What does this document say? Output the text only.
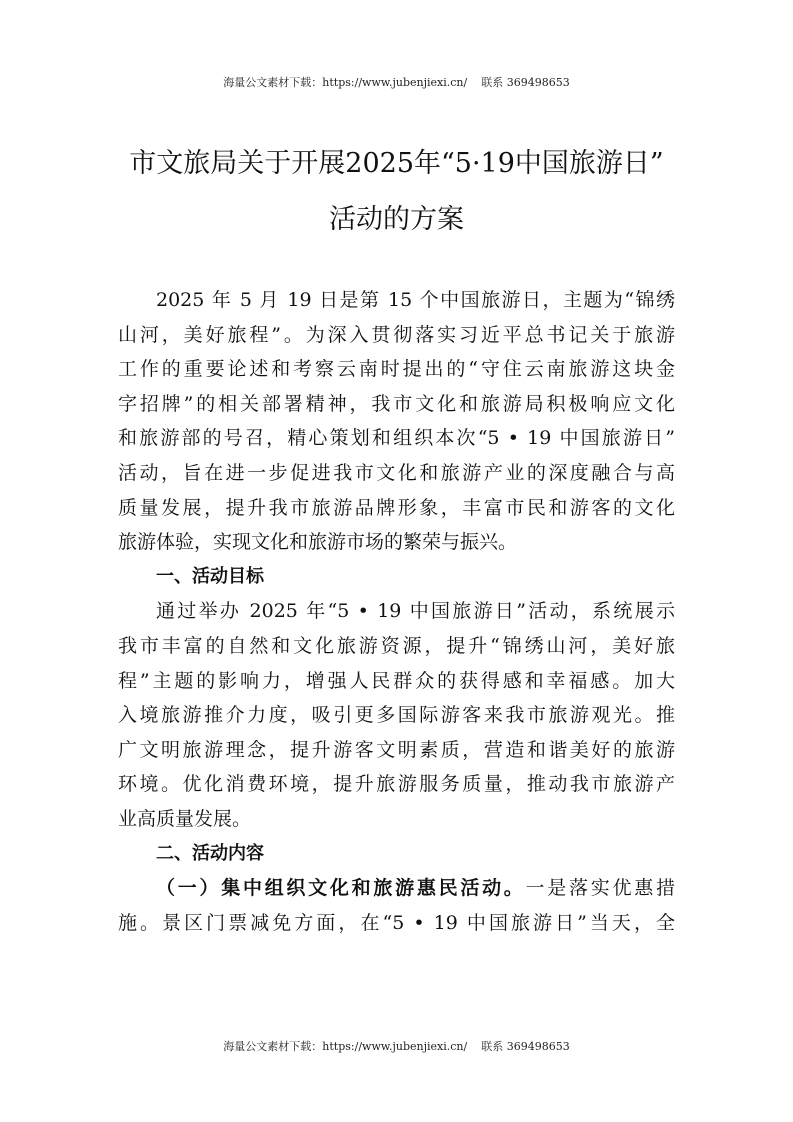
海量公文素材下载：https://www.jubenjiexi.cn/ 联系 369498653
市文旅局关于开展2025年“5·19中国旅游日”
活动的方案
2025 年 5 月 19 日是第 15 个中国旅游日，主题为“锦绣
山河，美好旅程”。为深入贯彻落实习近平总书记关于旅游
工作的重要论述和考察云南时提出的“守住云南旅游这块金
字招牌”的相关部署精神，我市文化和旅游局积极响应文化
和旅游部的号召，精心策划和组织本次“5 • 19 中国旅游日”
活动，旨在进一步促进我市文化和旅游产业的深度融合与高
质量发展，提升我市旅游品牌形象，丰富市民和游客的文化
旅游体验，实现文化和旅游市场的繁荣与振兴。
一、活动目标
通过举办 2025 年“5 • 19 中国旅游日”活动，系统展示
我市丰富的自然和文化旅游资源，提升“锦绣山河，美好旅
程”主题的影响力，增强人民群众的获得感和幸福感。加大
入境旅游推介力度，吸引更多国际游客来我市旅游观光。推
广文明旅游理念，提升游客文明素质，营造和谐美好的旅游
环境。优化消费环境，提升旅游服务质量，推动我市旅游产
业高质量发展。
二、活动内容
（一）集中组织文化和旅游惠民活动。一是落实优惠措
施。景区门票减免方面，在“5 • 19 中国旅游日”当天，全
海量公文素材下载：https://www.jubenjiexi.cn/ 联系 369498653
